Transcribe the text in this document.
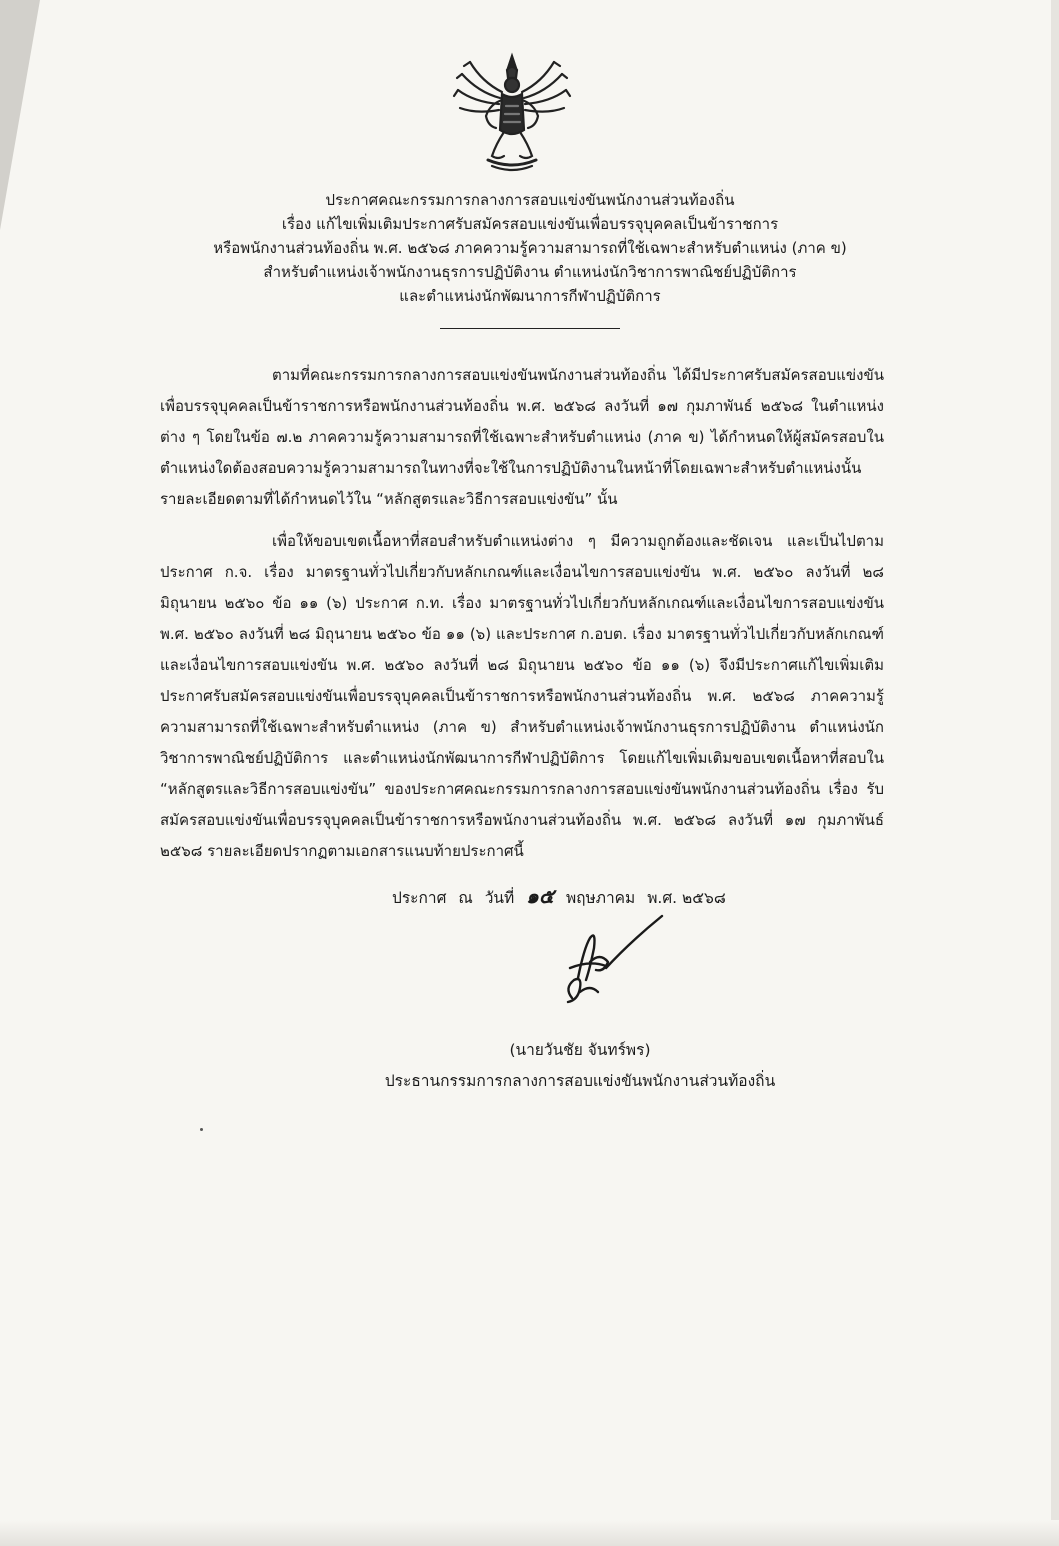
ประกาศคณะกรรมการกลางการสอบแข่งขันพนักงานส่วนท้องถิ่น
เรื่อง แก้ไขเพิ่มเติมประกาศรับสมัครสอบแข่งขันเพื่อบรรจุบุคคลเป็นข้าราชการ
หรือพนักงานส่วนท้องถิ่น พ.ศ. ๒๕๖๘ ภาคความรู้ความสามารถที่ใช้เฉพาะสำหรับตำแหน่ง (ภาค ข)
สำหรับตำแหน่งเจ้าพนักงานธุรการปฏิบัติงาน ตำแหน่งนักวิชาการพาณิชย์ปฏิบัติการ
และตำแหน่งนักพัฒนาการกีฬาปฏิบัติการ

ตามที่คณะกรรมการกลางการสอบแข่งขันพนักงานส่วนท้องถิ่น ได้มีประกาศรับสมัครสอบแข่งขันเพื่อบรรจุบุคคลเป็นข้าราชการหรือพนักงานส่วนท้องถิ่น พ.ศ. ๒๕๖๘ ลงวันที่ ๑๗ กุมภาพันธ์ ๒๕๖๘ ในตำแหน่งต่าง ๆ โดยในข้อ ๗.๒ ภาคความรู้ความสามารถที่ใช้เฉพาะสำหรับตำแหน่ง (ภาค ข) ได้กำหนดให้ผู้สมัครสอบในตำแหน่งใดต้องสอบความรู้ความสามารถในทางที่จะใช้ในการปฏิบัติงานในหน้าที่โดยเฉพาะสำหรับตำแหน่งนั้น รายละเอียดตามที่ได้กำหนดไว้ใน “หลักสูตรและวิธีการสอบแข่งขัน” นั้น

เพื่อให้ขอบเขตเนื้อหาที่สอบสำหรับตำแหน่งต่าง ๆ มีความถูกต้องและชัดเจน และเป็นไปตามประกาศ ก.จ. เรื่อง มาตรฐานทั่วไปเกี่ยวกับหลักเกณฑ์และเงื่อนไขการสอบแข่งขัน พ.ศ. ๒๕๖๐ ลงวันที่ ๒๘ มิถุนายน ๒๕๖๐ ข้อ ๑๑ (๖) ประกาศ ก.ท. เรื่อง มาตรฐานทั่วไปเกี่ยวกับหลักเกณฑ์และเงื่อนไขการสอบแข่งขัน พ.ศ. ๒๕๖๐ ลงวันที่ ๒๘ มิถุนายน ๒๕๖๐ ข้อ ๑๑ (๖) และประกาศ ก.อบต. เรื่อง มาตรฐานทั่วไปเกี่ยวกับหลักเกณฑ์และเงื่อนไขการสอบแข่งขัน พ.ศ. ๒๕๖๐ ลงวันที่ ๒๘ มิถุนายน ๒๕๖๐ ข้อ ๑๑ (๖) จึงมีประกาศแก้ไขเพิ่มเติมประกาศรับสมัครสอบแข่งขันเพื่อบรรจุบุคคลเป็นข้าราชการหรือพนักงานส่วนท้องถิ่น พ.ศ. ๒๕๖๘ ภาคความรู้ความสามารถที่ใช้เฉพาะสำหรับตำแหน่ง (ภาค ข) สำหรับตำแหน่งเจ้าพนักงานธุรการปฏิบัติงาน ตำแหน่งนักวิชาการพาณิชย์ปฏิบัติการ และตำแหน่งนักพัฒนาการกีฬาปฏิบัติการ โดยแก้ไขเพิ่มเติมขอบเขตเนื้อหาที่สอบใน “หลักสูตรและวิธีการสอบแข่งขัน” ของประกาศคณะกรรมการกลางการสอบแข่งขันพนักงานส่วนท้องถิ่น เรื่อง รับสมัครสอบแข่งขันเพื่อบรรจุบุคคลเป็นข้าราชการหรือพนักงานส่วนท้องถิ่น พ.ศ. ๒๕๖๘ ลงวันที่ ๑๗ กุมภาพันธ์ ๒๕๖๘ รายละเอียดปรากฏตามเอกสารแนบท้ายประกาศนี้

ประกาศ ณ วันที่ ๑๕ พฤษภาคม พ.ศ. ๒๕๖๘
(นายวันชัย จันทร์พร)
ประธานกรรมการกลางการสอบแข่งขันพนักงานส่วนท้องถิ่น
